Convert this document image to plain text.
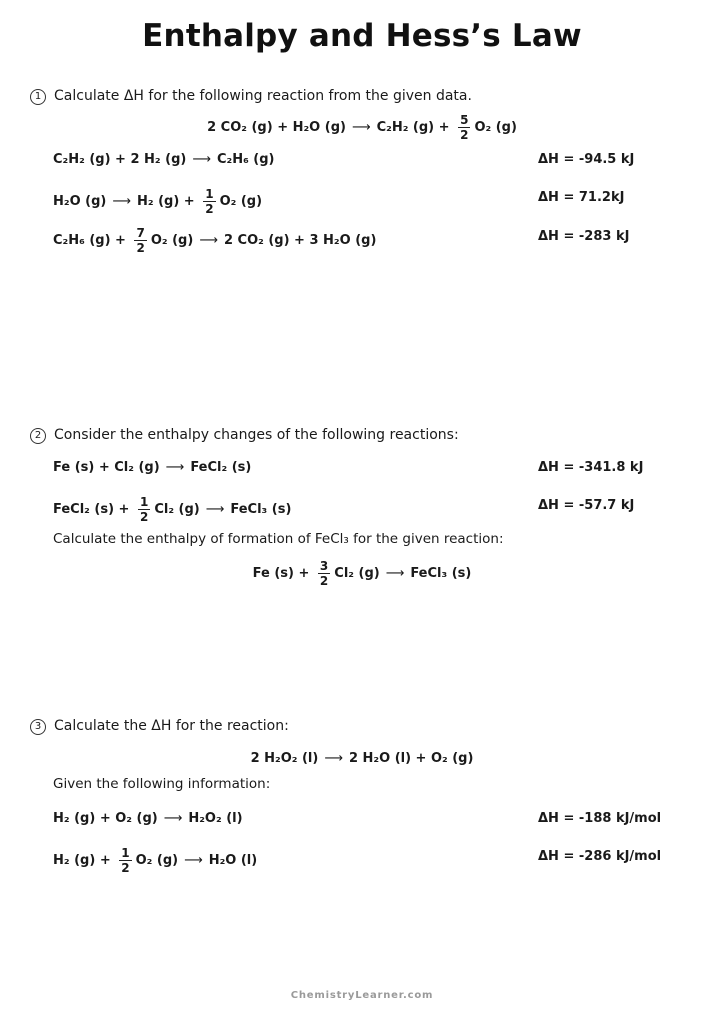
Enthalpy and Hess’s Law
1 Calculate ΔH for the following reaction from the given data.
2 CO₂ (g) + H₂O (g) ⟶ C₂H₂ $(g) + \frac{5}{2} O_2$ (g)
C₂H₂ (g) + 2 H₂ (g) ⟶ C₂H₆ (g)	ΔH = -94.5 kJ
H₂O (g) ⟶ H₂ $(g) + \frac{1}{2} O_2$ (g)	ΔH = 71.2kJ
C₂H₆ $(g) + \frac{7}{2} O_2$ (g) ⟶ 2 CO₂ (g) + 3 H₂O (g)	ΔH = -283 kJ
2 Consider the enthalpy changes of the following reactions:
Fe (s) + Cl₂ (g) ⟶ FeCl₂ (s)	ΔH = -341.8 kJ
FeCl₂ $(s) + \frac{1}{2} Cl_2$ (g) ⟶ FeCl₃ (s)	ΔH = -57.7 kJ
Calculate the enthalpy of formation of FeCl₃ for the given reaction:
Fe $(s) + \frac{3}{2} Cl_2$ (g) ⟶ FeCl₃ (s)
3 Calculate the ΔH for the reaction:
2 H₂O₂ (l) ⟶ 2 H₂O (l) + O₂ (g)
Given the following information:
H₂ (g) + O₂ (g) ⟶ H₂O₂ (l)	ΔH = -188 kJ/mol
H₂ $(g) + \frac{1}{2} O_2$ (g) ⟶ H₂O (l)	ΔH = -286 kJ/mol
ChemistryLearner.com
